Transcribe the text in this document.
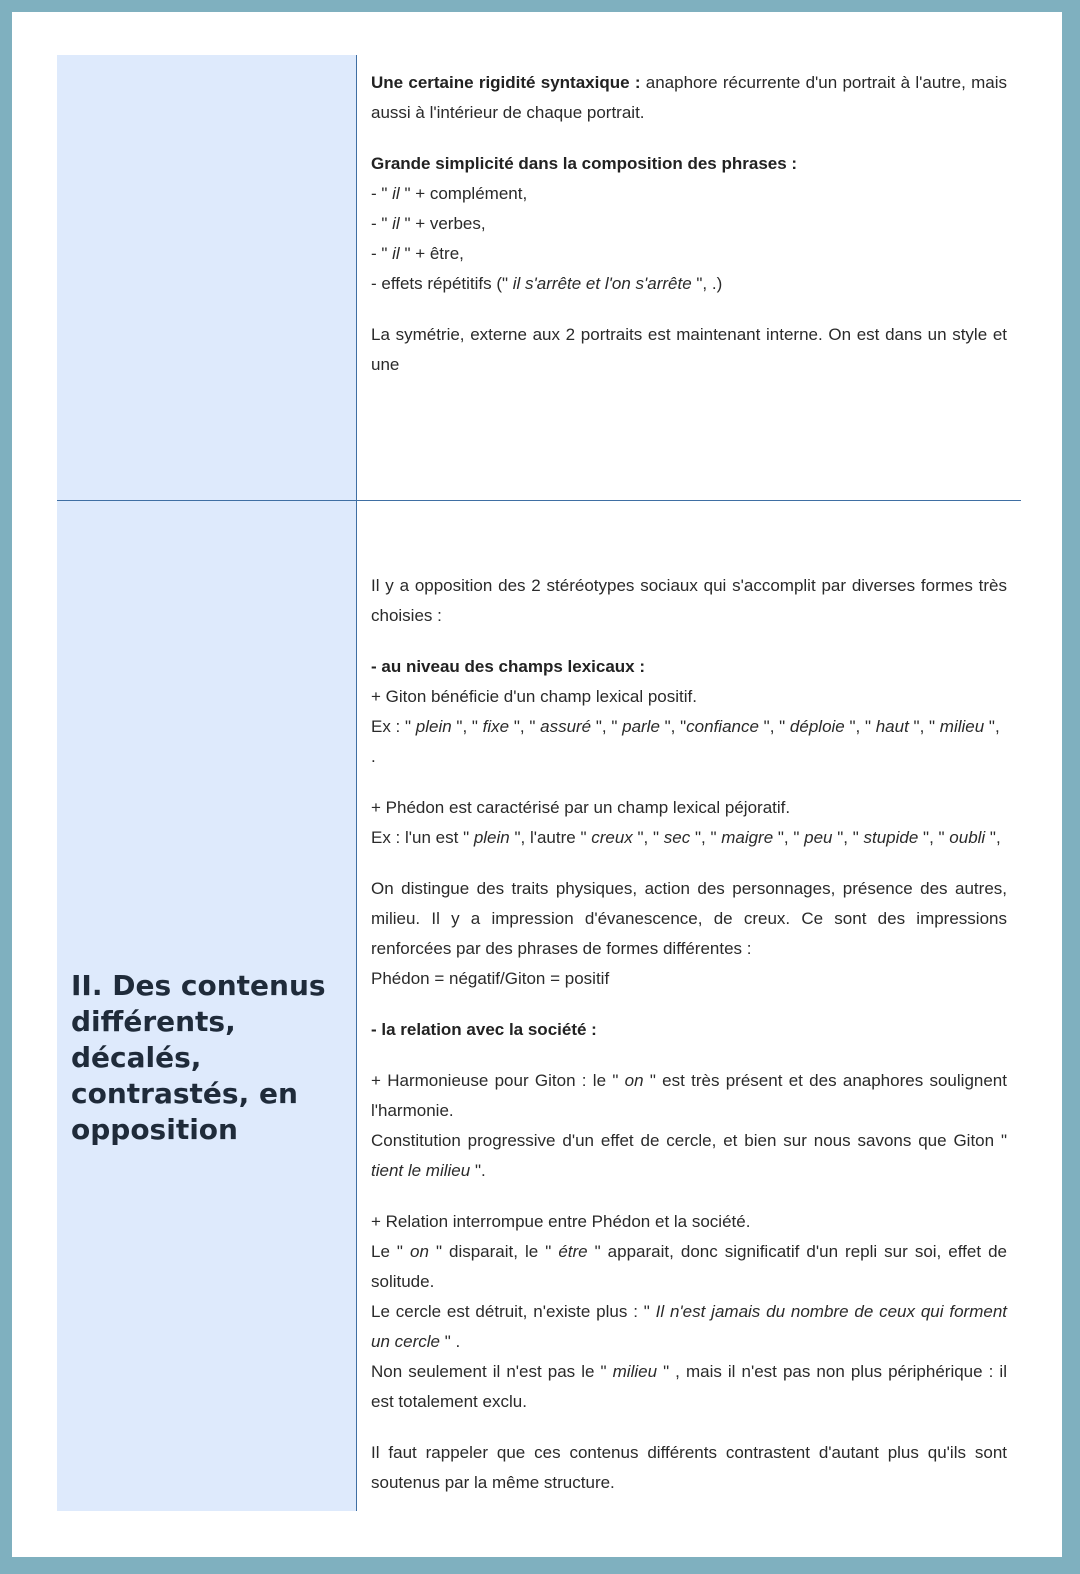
Une certaine rigidité syntaxique : anaphore récurrente d'un portrait à l'autre, mais aussi à l'intérieur de chaque portrait.

Grande simplicité dans la composition des phrases :
- " il " + complément,
- " il " + verbes,
- " il " + être,
- effets répétitifs (" il s'arrête et l'on s'arrête ", .)

La symétrie, externe aux 2 portraits est maintenant interne. On est dans un style et une

II. Des contenus différents, décalés, contrastés, en opposition

Il y a opposition des 2 stéréotypes sociaux qui s'accomplit par diverses formes très choisies :

- au niveau des champs lexicaux :
+ Giton bénéficie d'un champ lexical positif.
Ex : " plein ", " fixe ", " assuré ", " parle ", "confiance ", " déploie ", " haut ", " milieu ",
.

+ Phédon est caractérisé par un champ lexical péjoratif.
Ex : l'un est " plein ", l'autre " creux ", " sec ", " maigre ", " peu ", " stupide ", " oubli ",

On distingue des traits physiques, action des personnages, présence des autres, milieu. Il y a impression d'évanescence, de creux. Ce sont des impressions renforcées par des phrases de formes différentes :
Phédon = négatif/Giton = positif

- la relation avec la société :

+ Harmonieuse pour Giton : le " on " est très présent et des anaphores soulignent l'harmonie.
Constitution progressive d'un effet de cercle, et bien sur nous savons que Giton " tient le milieu ".

+ Relation interrompue entre Phédon et la société.
Le " on " disparait, le " étre " apparait, donc significatif d'un repli sur soi, effet de solitude.
Le cercle est détruit, n'existe plus : " Il n'est jamais du nombre de ceux qui forment un cercle " .
Non seulement il n'est pas le " milieu " , mais il n'est pas non plus périphérique : il est totalement exclu.

Il faut rappeler que ces contenus différents contrastent d'autant plus qu'ils sont soutenus par la même structure.
